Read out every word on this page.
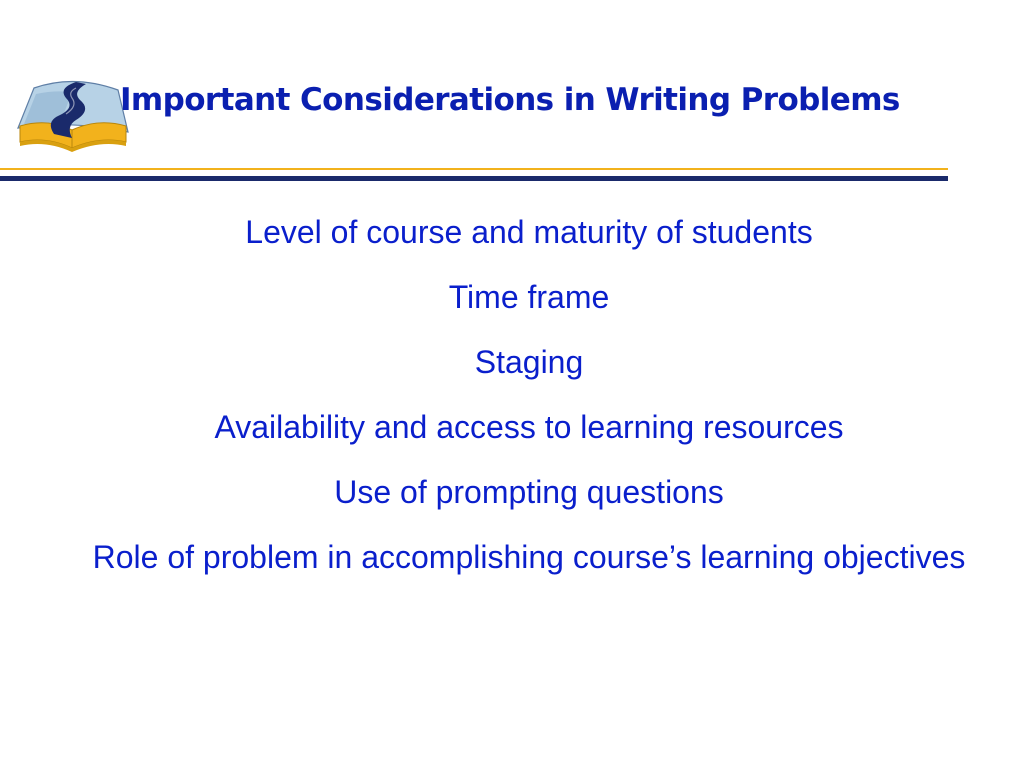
Important Considerations in Writing Problems
Level of course and maturity of students
Time frame
Staging
Availability and access to learning resources
Use of prompting questions
Role of problem in accomplishing course’s learning objectives
